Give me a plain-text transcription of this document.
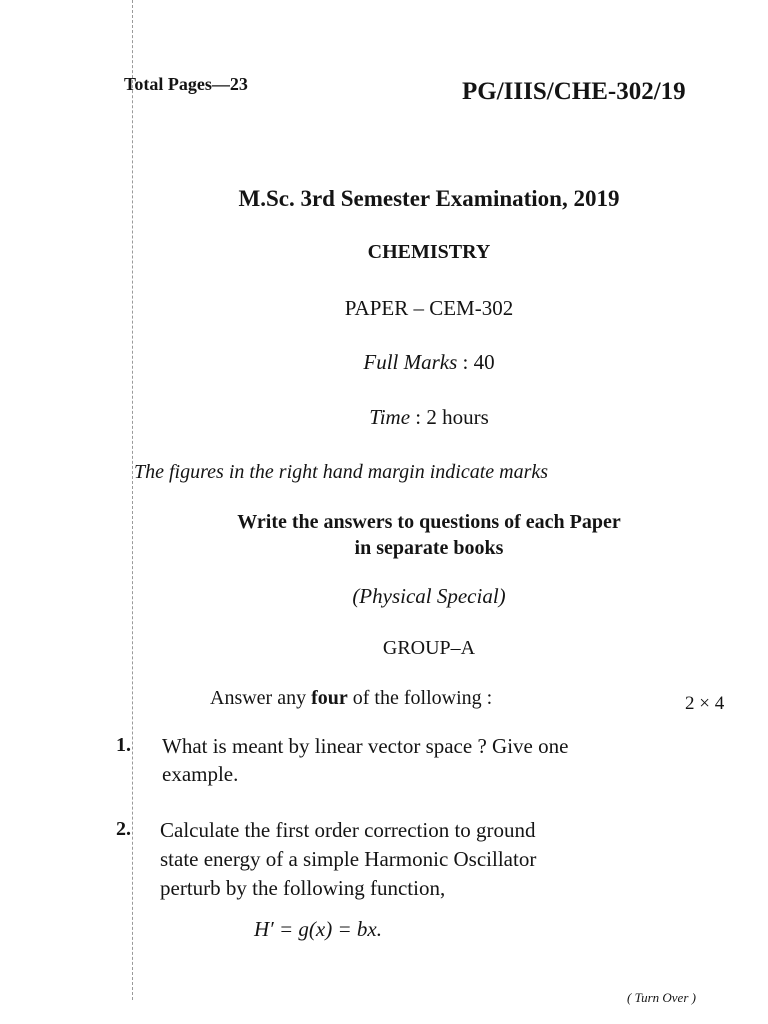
Total Pages—23	PG/IIIS/CHE-302/19
M.Sc. 3rd Semester Examination, 2019
CHEMISTRY
PAPER – CEM-302
Full Marks : 40
Time : 2 hours
The figures in the right hand margin indicate marks
Write the answers to questions of each Paper
in separate books
(Physical Special)
GROUP–A
Answer any four of the following :	2 × 4
1. What is meant by linear vector space ? Give one
example.
2. Calculate the first order correction to ground
state energy of a simple Harmonic Oscillator
perturb by the following function,
H′ = g(x) = bx.
( Turn Over )
